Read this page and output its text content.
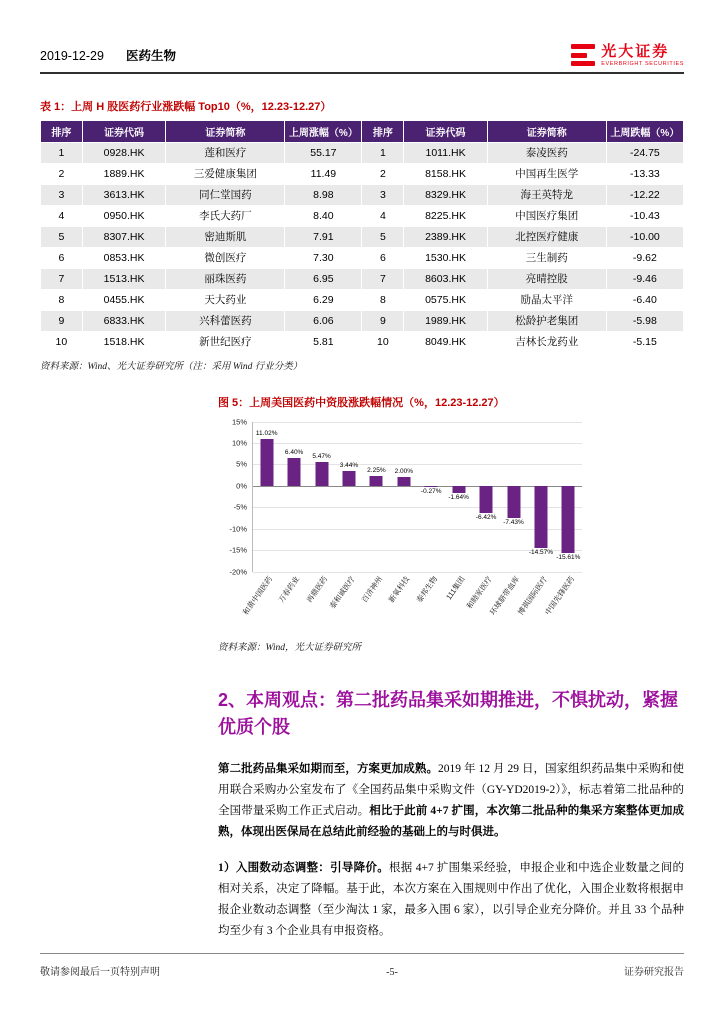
2019-12-29 医药生物	光大证券
EVERBRIGHT SECURITIES
表 1：上周 H 股医药行业涨跌幅 Top10（%，12.23-12.27）
排序	证券代码	证券简称	上周涨幅（%）	排序	证券代码	证券简称	上周跌幅（%）
1	0928.HK	莲和医疗	55.17	1	1011.HK	泰凌医药	-24.75
2	1889.HK	三爱健康集团	11.49	2	8158.HK	中国再生医学	-13.33
3	3613.HK	同仁堂国药	8.98	3	8329.HK	海王英特龙	-12.22
4	0950.HK	李氏大药厂	8.40	4	8225.HK	中国医疗集团	-10.43
5	8307.HK	密迪斯肌	7.91	5	2389.HK	北控医疗健康	-10.00
6	0853.HK	微创医疗	7.30	6	1530.HK	三生制药	-9.62
7	1513.HK	丽珠医药	6.95	7	8603.HK	亮晴控股	-9.46
8	0455.HK	天大药业	6.29	8	0575.HK	励晶太平洋	-6.40
9	6833.HK	兴科蕾医药	6.06	9	1989.HK	松龄护老集团	-5.98
10	1518.HK	新世纪医疗	5.81	10	8049.HK	吉林长龙药业	-5.15
资料来源：Wind、光大证券研究所（注：采用 Wind 行业分类）
图 5：上周美国医药中资股涨跌幅情况（%，12.23-12.27）
15%
10%
5%
0%
-5%
-10%
-15%
-20%
11.02%
6.40%
5.47%
3.44%
2.25% 2.00%
-0.27%
-1.64%
-6.42%
-7.43%
-14.57%
-15.61%
和黄中国医药 万春药业 再鼎医药
泰和诚医疗 百济神州 新氧科技 泰邦生物 111集团
和睦家医疗
环球脐带血库
博祺国际医疗
中国先锋医药
资料来源：Wind，光大证券研究所
2、本周观点：第二批药品集采如期推进，不惧扰动，紧握优质个股

第二批药品集采如期而至，方案更加成熟。2019 年 12 月 29 日，国家组织药品集中采购和使用联合采购办公室发布了《全国药品集中采购文件（GY-YD2019-2）》，标志着第二批品种的全国带量采购工作正式启动。相比于此前 4+7 扩围，本次第二批品种的集采方案整体更加成熟，体现出医保局在总结此前经验的基础上的与时俱进。

1）入围数动态调整：引导降价。根据 4+7 扩围集采经验，申报企业和中选企业数量之间的相对关系，决定了降幅。基于此，本次方案在入围规则中作出了优化，入围企业数将根据申报企业数动态调整（至少淘汰 1 家，最多入围 6 家），以引导企业充分降价。并且 33 个品种均至少有 3 个企业具有申报资格。

敬请参阅最后一页特别声明	-5-	证券研究报告
